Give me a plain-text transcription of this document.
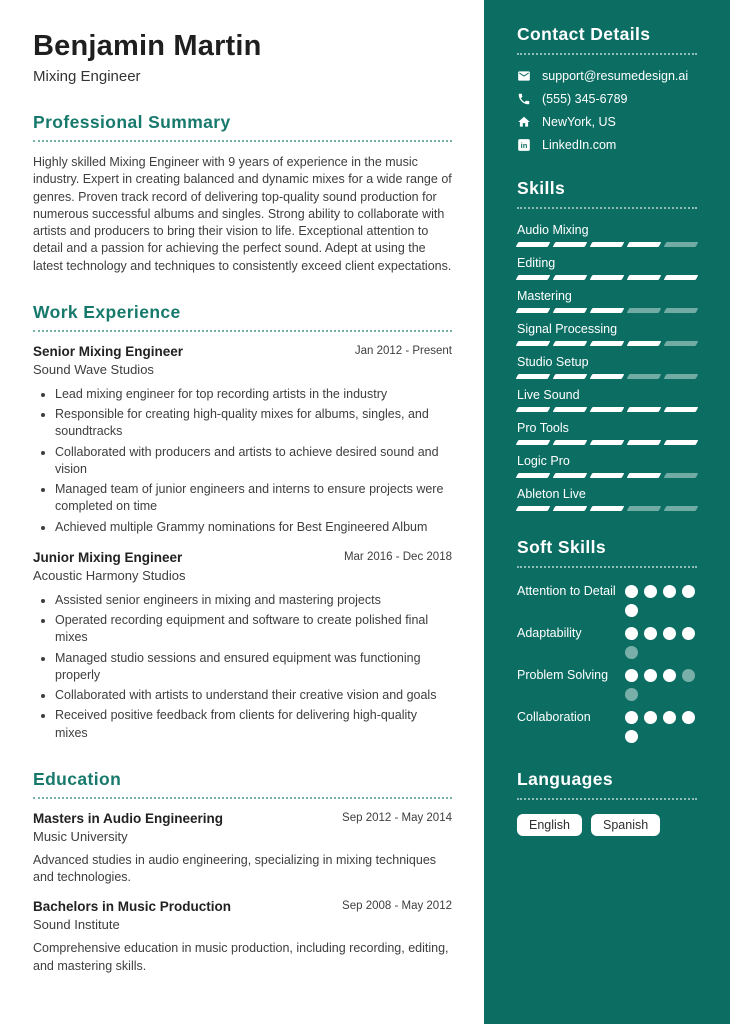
Benjamin Martin
Mixing Engineer
Professional Summary
Highly skilled Mixing Engineer with 9 years of experience in the music industry. Expert in creating balanced and dynamic mixes for a wide range of genres. Proven track record of delivering top-quality sound production for numerous successful albums and singles. Strong ability to collaborate with artists and producers to bring their vision to life. Exceptional attention to detail and a passion for achieving the perfect sound. Adept at using the latest technology and techniques to consistently exceed client expectations.
Work Experience
Senior Mixing Engineer	Jan 2012 - Present
Sound Wave Studios
• Lead mixing engineer for top recording artists in the industry
• Responsible for creating high-quality mixes for albums, singles, and soundtracks
• Collaborated with producers and artists to achieve desired sound and vision
• Managed team of junior engineers and interns to ensure projects were completed on time
• Achieved multiple Grammy nominations for Best Engineered Album
Junior Mixing Engineer	Mar 2016 - Dec 2018
Acoustic Harmony Studios
• Assisted senior engineers in mixing and mastering projects
• Operated recording equipment and software to create polished final mixes
• Managed studio sessions and ensured equipment was functioning properly
• Collaborated with artists to understand their creative vision and goals
• Received positive feedback from clients for delivering high-quality mixes
Education
Masters in Audio Engineering	Sep 2012 - May 2014
Music University
Advanced studies in audio engineering, specializing in mixing techniques and technologies.
Bachelors in Music Production	Sep 2008 - May 2012
Sound Institute
Comprehensive education in music production, including recording, editing, and mastering skills.
Contact Details
support@resumedesign.ai
(555) 345-6789
NewYork, US
in LinkedIn.com
Skills
Audio Mixing
Editing
Mastering
Signal Processing
Studio Setup
Live Sound
Pro Tools
Logic Pro
Ableton Live
Soft Skills
Attention to Detail
Adaptability
Problem Solving
Collaboration
Languages
English	Spanish
